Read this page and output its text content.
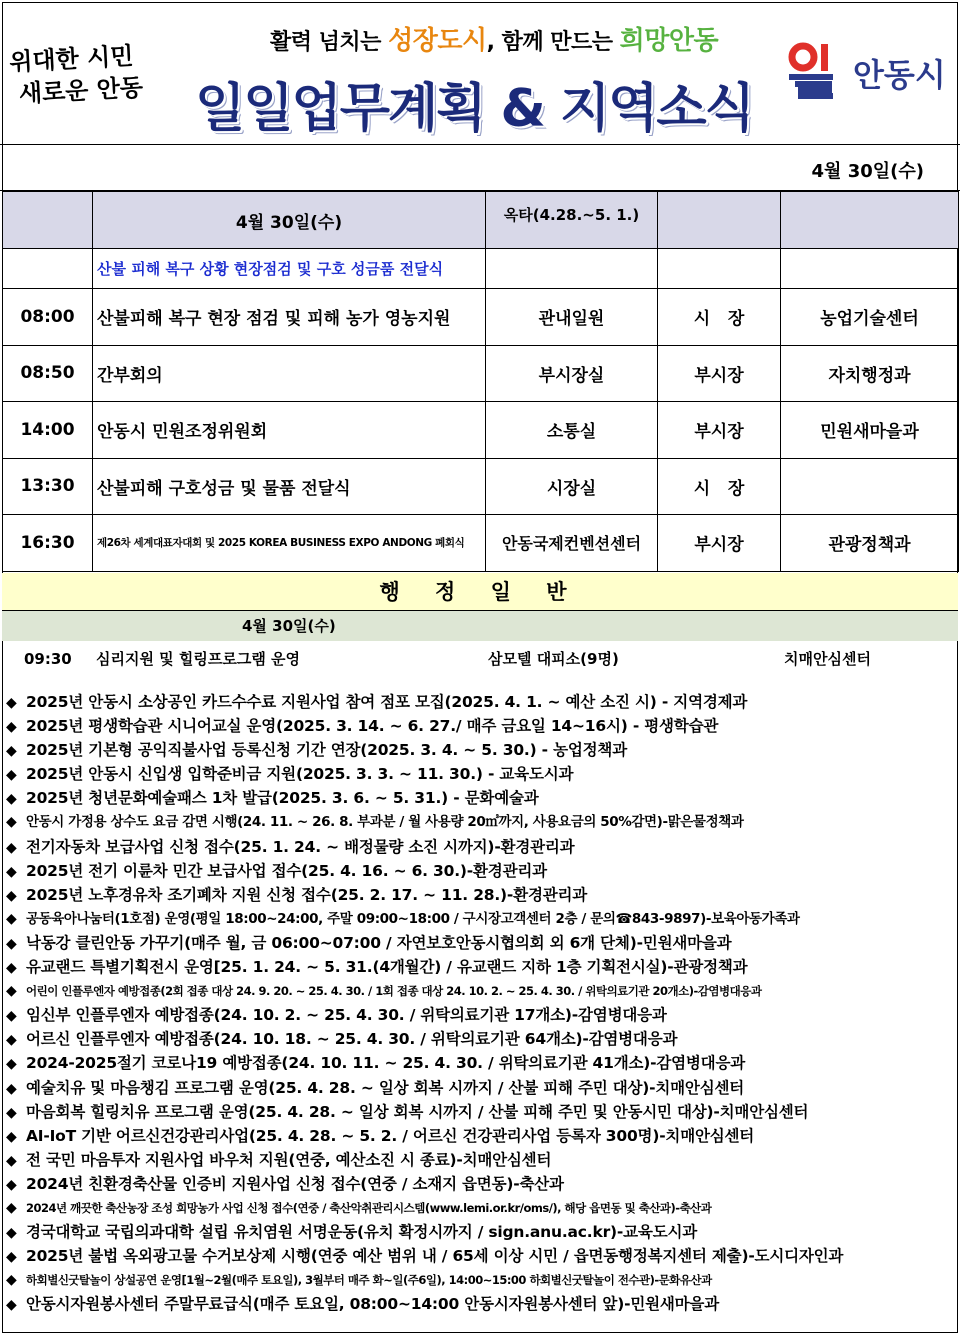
위대한 시민
새로운 안동
활력 넘치는 성장도시, 함께 만드는 희망안동
일일업무계획 & 지역소식
안동시
4월 30일(수)
	4월 30일(수)	옥타(4.28.~5. 1.)		
	산불 피해 복구 상황 현장점검 및 구호 성금품 전달식			
08:00	산불피해 복구 현장 점검 및 피해 농가 영농지원	관내일원	시   장	농업기술센터
08:50	간부회의	부시장실	부시장	자치행정과
14:00	안동시 민원조정위원회	소통실	부시장	민원새마을과
13:30	산불피해 구호성금 및 물품 전달식	시장실	시   장	
16:30	제26차 세계대표자대회 및 2025 KOREA BUSINESS EXPO ANDONG 폐회식	안동국제컨벤션센터	부시장	관광정책과
행 정 일 반
4월 30일(수)
09:30 심리지원 및 힐링프로그램 운영	삼모텔 대피소(9명)	치매안심센터
◆ 2025년 안동시 소상공인 카드수수료 지원사업 참여 점포 모집(2025. 4. 1. ~ 예산 소진 시) - 지역경제과
◆ 2025년 평생학습관 시니어교실 운영(2025. 3. 14. ~ 6. 27./ 매주 금요일 14~16시) - 평생학습관
◆ 2025년 기본형 공익직불사업 등록신청 기간 연장(2025. 3. 4. ~ 5. 30.) - 농업정책과
◆ 2025년 안동시 신입생 입학준비금 지원(2025. 3. 3. ~ 11. 30.) - 교육도시과
◆ 2025년 청년문화예술패스 1차 발급(2025. 3. 6. ~ 5. 31.) - 문화예술과
◆ 안동시 가정용 상수도 요금 감면 시행(24. 11. ~ 26. 8. 부과분 / 월 사용량 20㎥까지, 사용요금의 50%감면)-맑은물정책과
◆ 전기자동차 보급사업 신청 접수(25. 1. 24. ~ 배정물량 소진 시까지)-환경관리과
◆ 2025년 전기 이륜차 민간 보급사업 접수(25. 4. 16. ~ 6. 30.)-환경관리과
◆ 2025년 노후경유차 조기폐차 지원 신청 접수(25. 2. 17. ~ 11. 28.)-환경관리과
◆ 공동육아나눔터(1호점) 운영(평일 18:00~24:00, 주말 09:00~18:00 / 구시장고객센터 2층 / 문의☎843-9897)-보육아동가족과
◆ 낙동강 클린안동 가꾸기(매주 월, 금 06:00~07:00 / 자연보호안동시협의회 외 6개 단체)-민원새마을과
◆ 유교랜드 특별기획전시 운영[25. 1. 24. ~ 5. 31.(4개월간) / 유교랜드 지하 1층 기획전시실)-관광정책과
◆ 어린이 인플루엔자 예방접종(2회 접종 대상 24. 9. 20. ~ 25. 4. 30. / 1회 접종 대상 24. 10. 2. ~ 25. 4. 30. / 위탁의료기관 20개소)-감염병대응과
◆ 임신부 인플루엔자 예방접종(24. 10. 2. ~ 25. 4. 30. / 위탁의료기관 17개소)-감염병대응과
◆ 어르신 인플루엔자 예방접종(24. 10. 18. ~ 25. 4. 30. / 위탁의료기관 64개소)-감염병대응과
◆ 2024-2025절기 코로나19 예방접종(24. 10. 11. ~ 25. 4. 30. / 위탁의료기관 41개소)-감염병대응과
◆ 예술치유 및 마음챙김 프로그램 운영(25. 4. 28. ~ 일상 회복 시까지 / 산불 피해 주민 대상)-치매안심센터
◆ 마음회복 힐링치유 프로그램 운영(25. 4. 28. ~ 일상 회복 시까지 / 산불 피해 주민 및 안동시민 대상)-치매안심센터
◆ AI-IoT 기반 어르신건강관리사업(25. 4. 28. ~ 5. 2. / 어르신 건강관리사업 등록자 300명)-치매안심센터
◆ 전 국민 마음투자 지원사업 바우처 지원(연중, 예산소진 시 종료)-치매안심센터
◆ 2024년 친환경축산물 인증비 지원사업 신청 접수(연중 / 소재지 읍면동)-축산과
◆ 2024년 깨끗한 축산농장 조성 희망농가 사업 신청 접수(연중 / 축산악취관리시스템(www.lemi.or.kr/oms/), 해당 읍면동 및 축산과)-축산과
◆ 경국대학교 국립의과대학 설립 유치염원 서명운동(유치 확정시까지 / sign.anu.ac.kr)-교육도시과
◆ 2025년 불법 옥외광고물 수거보상제 시행(연중 예산 범위 내 / 65세 이상 시민 / 읍면동행정복지센터 제출)-도시디자인과
◆ 하회별신굿탈놀이 상설공연 운영[1월~2월(매주 토요일), 3월부터 매주 화~일(주6일), 14:00~15:00 하회별신굿탈놀이 전수관)-문화유산과
◆ 안동시자원봉사센터 주말무료급식(매주 토요일, 08:00~14:00 안동시자원봉사센터 앞)-민원새마을과
